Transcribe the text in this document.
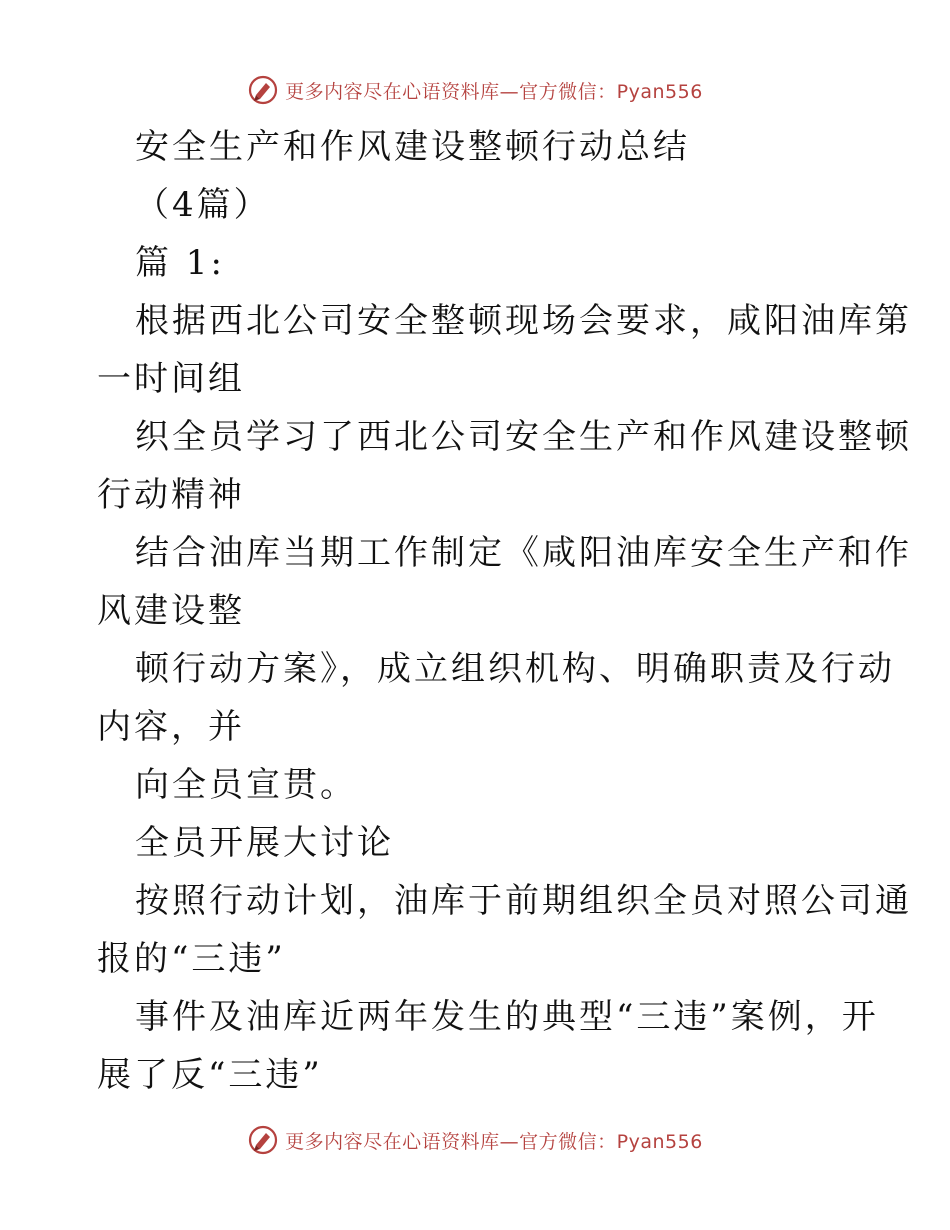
更多内容尽在心语资料库—官方微信：Pyan556
安全生产和作风建设整顿行动总结
（4篇）
篇 1:
根据西北公司安全整顿现场会要求，咸阳油库第
一时间组
织全员学习了西北公司安全生产和作风建设整顿
行动精神
结合油库当期工作制定《咸阳油库安全生产和作
风建设整
顿行动方案》，成立组织机构、明确职责及行动
内容，并
向全员宣贯。
全员开展大讨论
按照行动计划，油库于前期组织全员对照公司通
报的“三违”
事件及油库近两年发生的典型“三违”案例，开
展了反“三违”
更多内容尽在心语资料库—官方微信：Pyan556
